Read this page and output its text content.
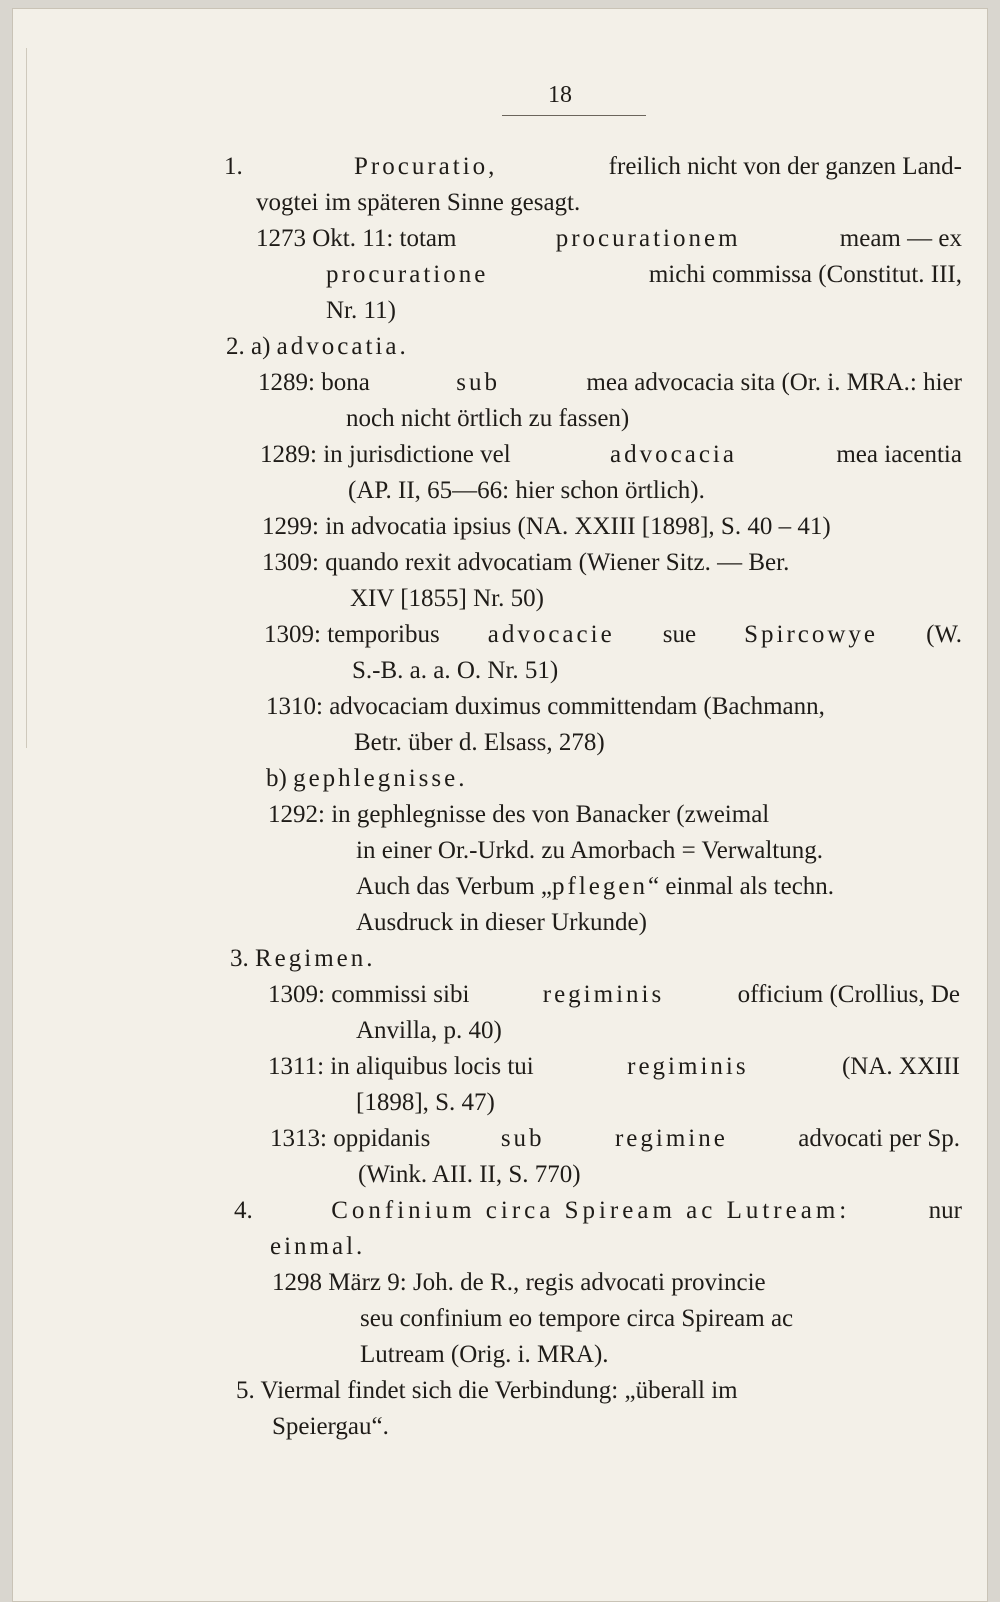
18
1.	Procuratio,	freilich nicht von der ganzen Land-
vogtei im späteren Sinne gesagt.
1273 Okt. 11: totam	procurationem	meam — ex
procuratione	michi commissa (Constitut. III,
Nr. 11)
2. a) advocatia.
1289: bona	sub	mea advocacia sita (Or. i. MRA.: hier
noch nicht örtlich zu fassen)
1289: in jurisdictione vel	advocacia	mea iacentia
(AP. II, 65—66: hier schon örtlich).
1299: in advocatia ipsius (NA. XXIII [1898], S. 40 – 41)
1309: quando rexit advocatiam (Wiener Sitz. — Ber.
XIV [1855] Nr. 50)
1309: temporibus advocacie sue Spircowye (W.
S.-B. a. a. O. Nr. 51)
1310: advocaciam duximus committendam (Bachmann,
Betr. über d. Elsass, 278)
b) gephlegnisse.
1292: in gephlegnisse des von Banacker (zweimal
in einer Or.-Urkd. zu Amorbach = Verwaltung.
Auch das Verbum „pflegen“ einmal als techn.
Ausdruck in dieser Urkunde)
3. Regimen.
1309: commissi sibi	regiminis	officium (Crollius, De
Anvilla, p. 40)
1311: in aliquibus locis tui	regiminis	(NA. XXIII
[1898], S. 47)
1313: oppidanis	sub	regimine	advocati per Sp.
(Wink. AII. II, S. 770)
4.	Confinium circa Spiream ac Lutream:	nur
einmal.
1298 März 9: Joh. de R., regis advocati provincie
seu confinium eo tempore circa Spiream ac
Lutream (Orig. i. MRA).
5. Viermal findet sich die Verbindung: „überall im
Speiergau“.
